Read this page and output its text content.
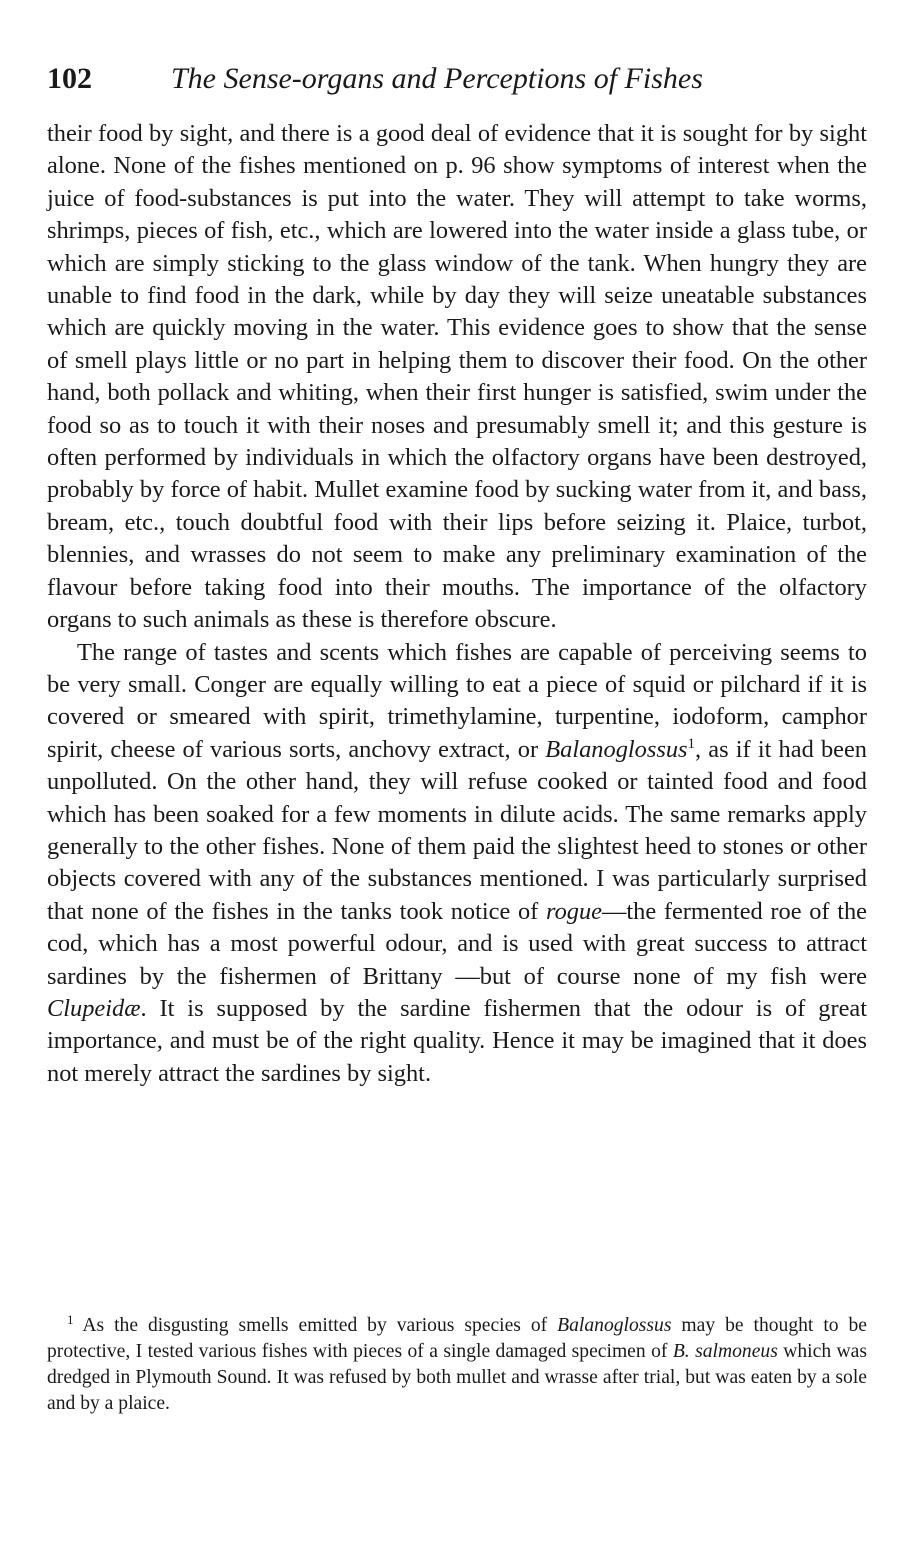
102	The Sense-organs and Perceptions of Fishes

their food by sight, and there is a good deal of evidence that it is sought for by sight alone. None of the fishes mentioned on p. 96 show symptoms of interest when the juice of food-substances is put into the water. They will attempt to take worms, shrimps, pieces of fish, etc., which are lowered into the water inside a glass tube, or which are simply sticking to the glass window of the tank. When hungry they are unable to find food in the dark, while by day they will seize uneatable substances which are quickly moving in the water. This evidence goes to show that the sense of smell plays little or no part in helping them to discover their food. On the other hand, both pollack and whiting, when their first hunger is satisfied, swim under the food so as to touch it with their noses and presumably smell it; and this gesture is often performed by individuals in which the olfactory organs have been destroyed, probably by force of habit. Mullet examine food by sucking water from it, and bass, bream, etc., touch doubtful food with their lips before seizing it. Plaice, turbot, blennies, and wrasses do not seem to make any preliminary examination of the flavour before taking food into their mouths. The importance of the olfactory organs to such animals as these is therefore obscure.

The range of tastes and scents which fishes are capable of perceiving seems to be very small. Conger are equally willing to eat a piece of squid or pilchard if it is covered or smeared with spirit, trimethylamine, turpentine, iodoform, camphor spirit, cheese of various sorts, anchovy extract, or Balanoglossus$^1$, as if it had been unpolluted. On the other hand, they will refuse cooked or tainted food and food which has been soaked for a few moments in dilute acids. The same remarks apply generally to the other fishes. None of them paid the slightest heed to stones or other objects covered with any of the substances mentioned. I was particularly surprised that none of the fishes in the tanks took notice of rogue—the fermented roe of the cod, which has a most powerful odour, and is used with great success to attract sardines by the fishermen of Brittany —but of course none of my fish were Clupeidæ. It is supposed by the sardine fishermen that the odour is of great importance, and must be of the right quality. Hence it may be imagined that it does not merely attract the sardines by sight.

$^1$ As the disgusting smells emitted by various species of Balanoglossus may be thought to be protective, I tested various fishes with pieces of a single damaged specimen of B. salmoneus which was dredged in Plymouth Sound. It was refused by both mullet and wrasse after trial, but was eaten by a sole and by a plaice.
